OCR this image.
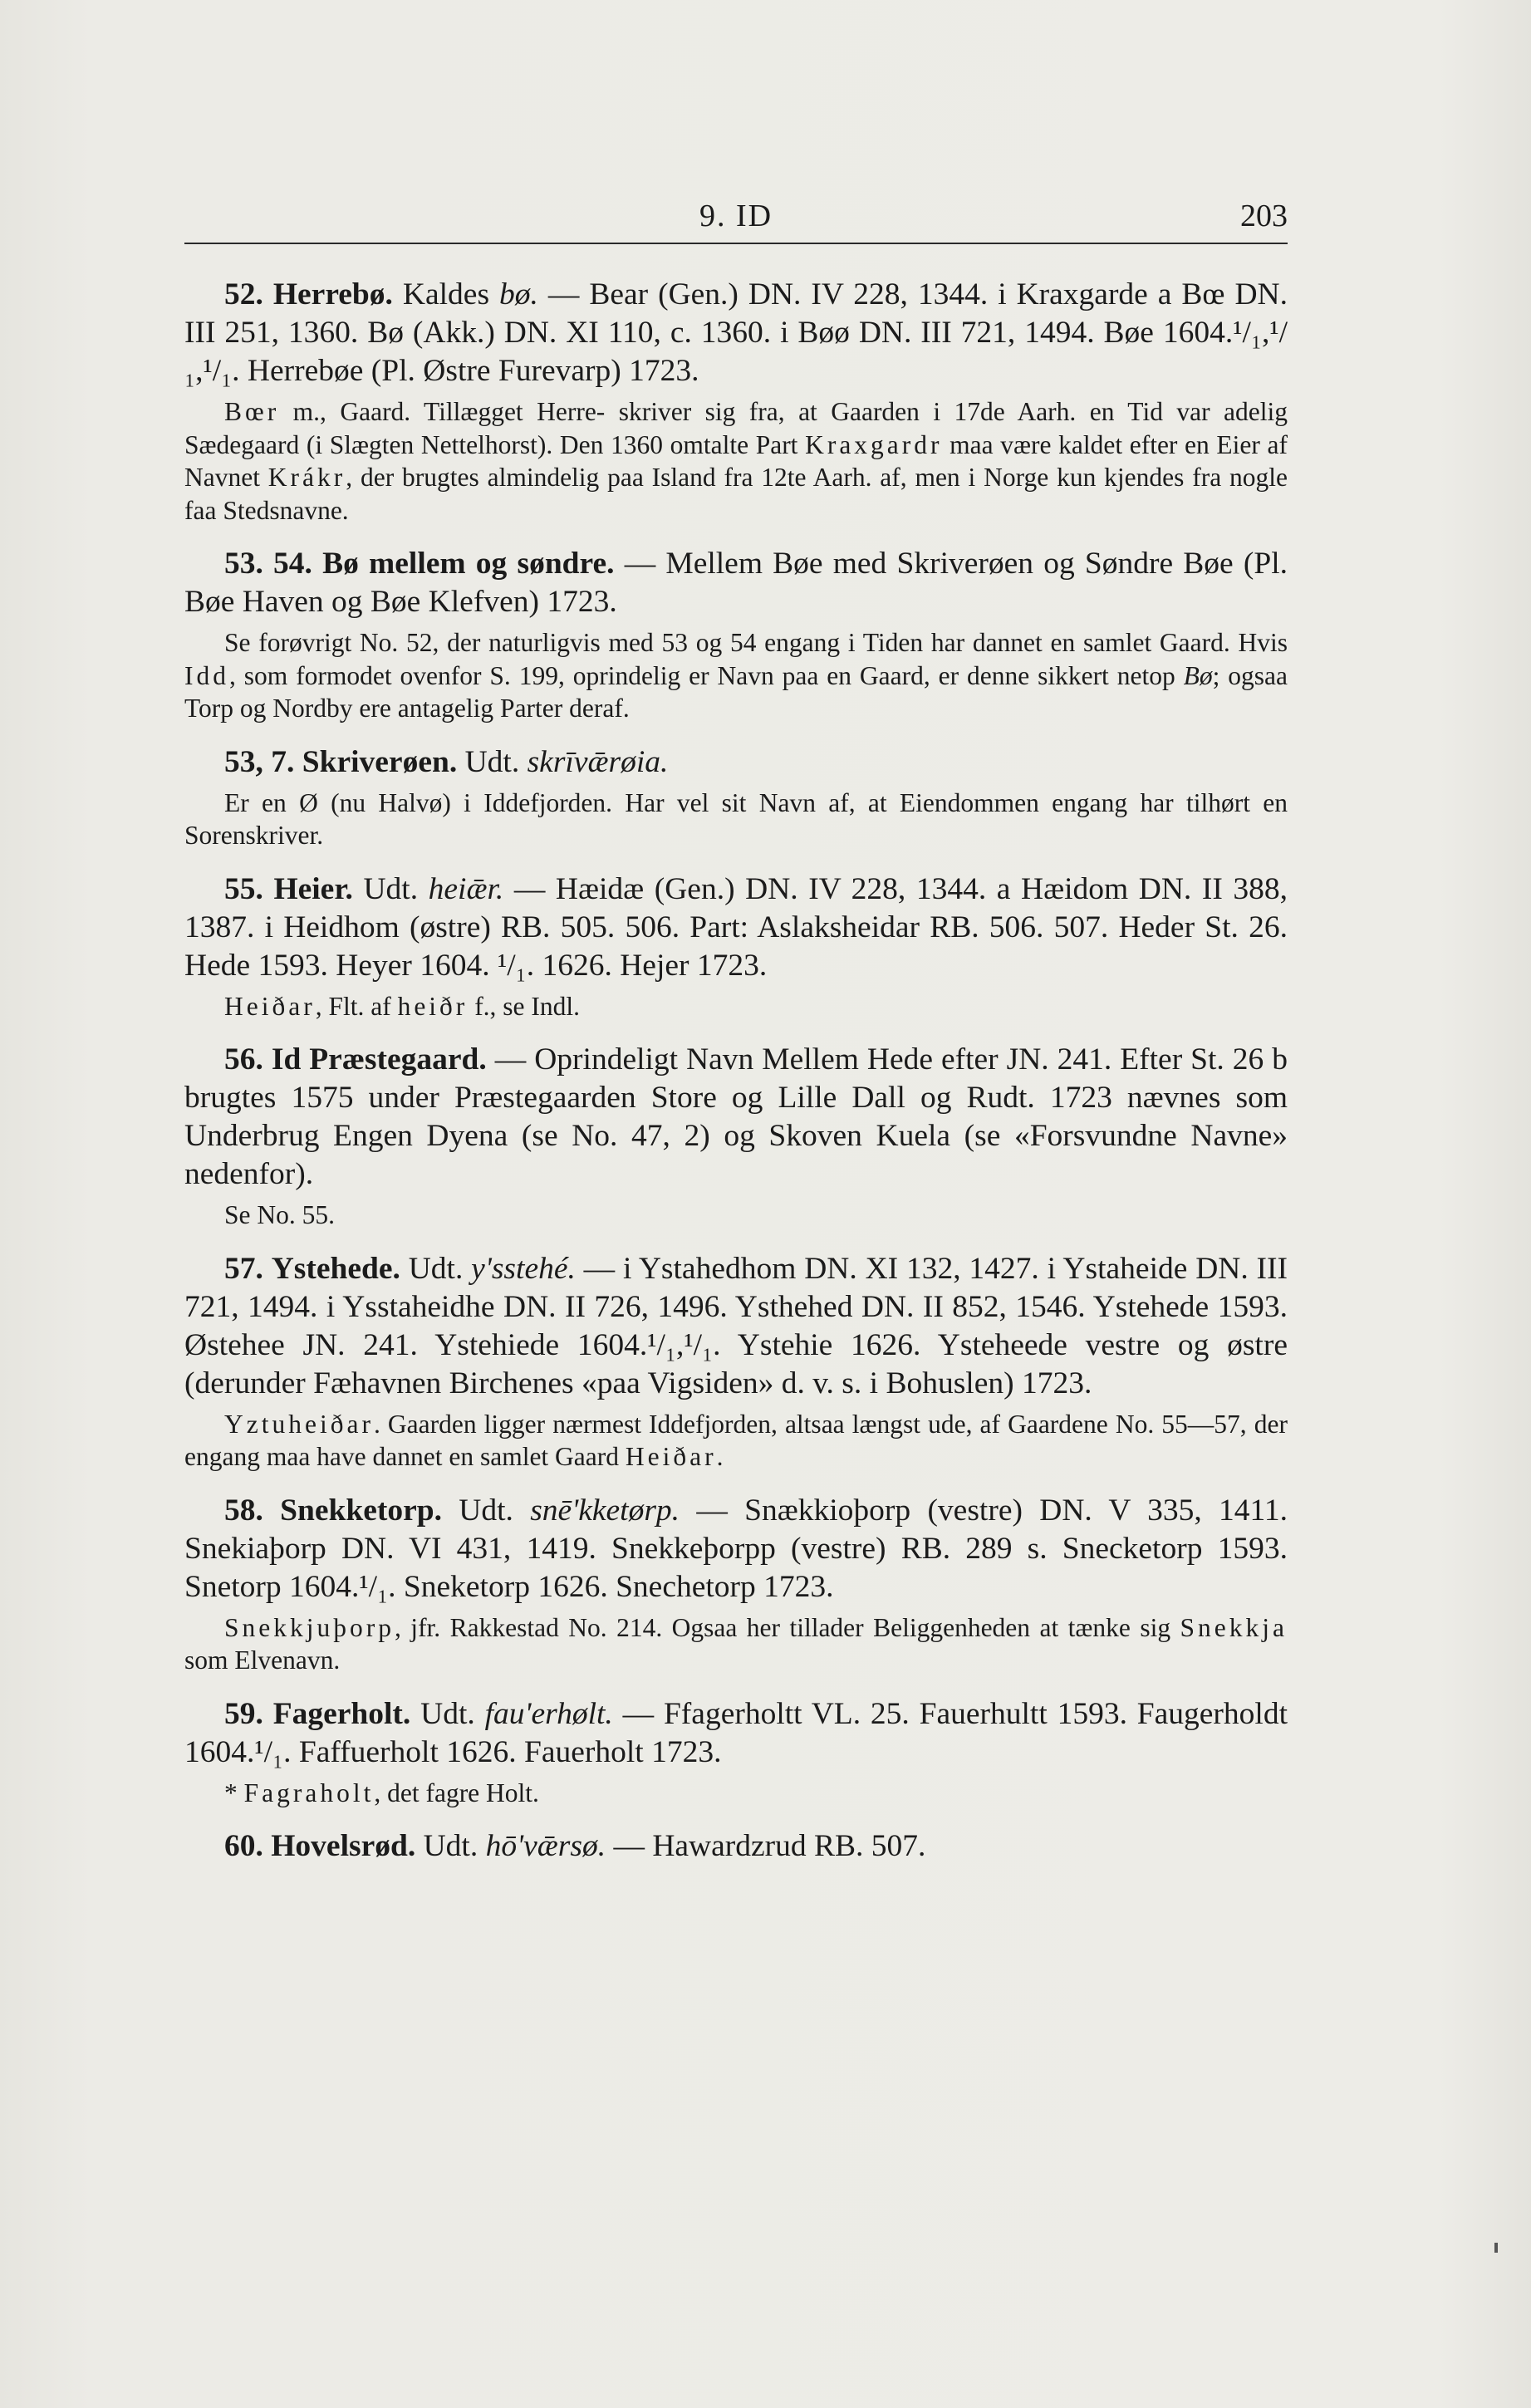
9. ID	203

52. Herrebø. Kaldes bø. — Bear (Gen.) DN. IV 228, 1344. i Kraxgarde a Bœ DN. III 251, 1360. Bø (Akk.) DN. XI 110, c. 1360. i Bøø DN. III 721, 1494. Bøe 1604.¹/₁,¹/₁,¹/₁. Herrebøe (Pl. Østre Furevarp) 1723.

Bœr m., Gaard. Tillægget Herre- skriver sig fra, at Gaarden i 17de Aarh. en Tid var adelig Sædegaard (i Slægten Nettelhorst). Den 1360 omtalte Part Kraxgardr maa være kaldet efter en Eier af Navnet Krákr, der brugtes almindelig paa Island fra 12te Aarh. af, men i Norge kun kjendes fra nogle faa Stedsnavne.

53. 54. Bø mellem og søndre. — Mellem Bøe med Skriverøen og Søndre Bøe (Pl. Bøe Haven og Bøe Klefven) 1723.

Se forøvrigt No. 52, der naturligvis med 53 og 54 engang i Tiden har dannet en samlet Gaard. Hvis Idd, som formodet ovenfor S. 199, oprindelig er Navn paa en Gaard, er denne sikkert netop Bø; ogsaa Torp og Nordby ere antagelig Parter deraf.

53, 7. Skriverøen. Udt. skrīvǣrøia.

Er en Ø (nu Halvø) i Iddefjorden. Har vel sit Navn af, at Eiendommen engang har tilhørt en Sorenskriver.

55. Heier. Udt. heiǣr. — Hæidæ (Gen.) DN. IV 228, 1344. a Hæidom DN. II 388, 1387. i Heidhom (østre) RB. 505. 506. Part: Aslaksheidar RB. 506. 507. Heder St. 26. Hede 1593. Heyer 1604. ¹/₁. 1626. Hejer 1723.

Heiðar, Flt. af heiðr f., se Indl.

56. Id Præstegaard. — Oprindeligt Navn Mellem Hede efter JN. 241. Efter St. 26 b brugtes 1575 under Præstegaarden Store og Lille Dall og Rudt. 1723 nævnes som Underbrug Engen Dyena (se No. 47, 2) og Skoven Kuela (se «Forsvundne Navne» nedenfor).

Se No. 55.

57. Ystehede. Udt. y'sstehé. — i Ystahedhom DN. XI 132, 1427. i Ystaheide DN. III 721, 1494. i Ysstaheidhe DN. II 726, 1496. Ysthehed DN. II 852, 1546. Ystehede 1593. Østehee JN. 241. Ystehiede 1604.¹/₁,¹/₁. Ystehie 1626. Ysteheede vestre og østre (derunder Fæhavnen Birchenes «paa Vigsiden» d. v. s. i Bohuslen) 1723.

Yztuheiðar. Gaarden ligger nærmest Iddefjorden, altsaa længst ude, af Gaardene No. 55—57, der engang maa have dannet en samlet Gaard Heiðar.

58. Snekketorp. Udt. snē'kketørp. — Snækkioþorp (vestre) DN. V 335, 1411. Snekiaþorp DN. VI 431, 1419. Snekkeþorpp (vestre) RB. 289 s. Snecketorp 1593. Snetorp 1604.¹/₁. Sneketorp 1626. Snechetorp 1723.

Snekkjuþorp, jfr. Rakkestad No. 214. Ogsaa her tillader Beliggenheden at tænke sig Snekkja som Elvenavn.

59. Fagerholt. Udt. fau'erhølt. — Ffagerholtt VL. 25. Fauerhultt 1593. Faugerholdt 1604.¹/₁. Faffuerholt 1626. Fauerholt 1723.

* Fagraholt, det fagre Holt.

60. Hovelsrød. Udt. hō'vǣrsø. — Hawardzrud RB. 507.
